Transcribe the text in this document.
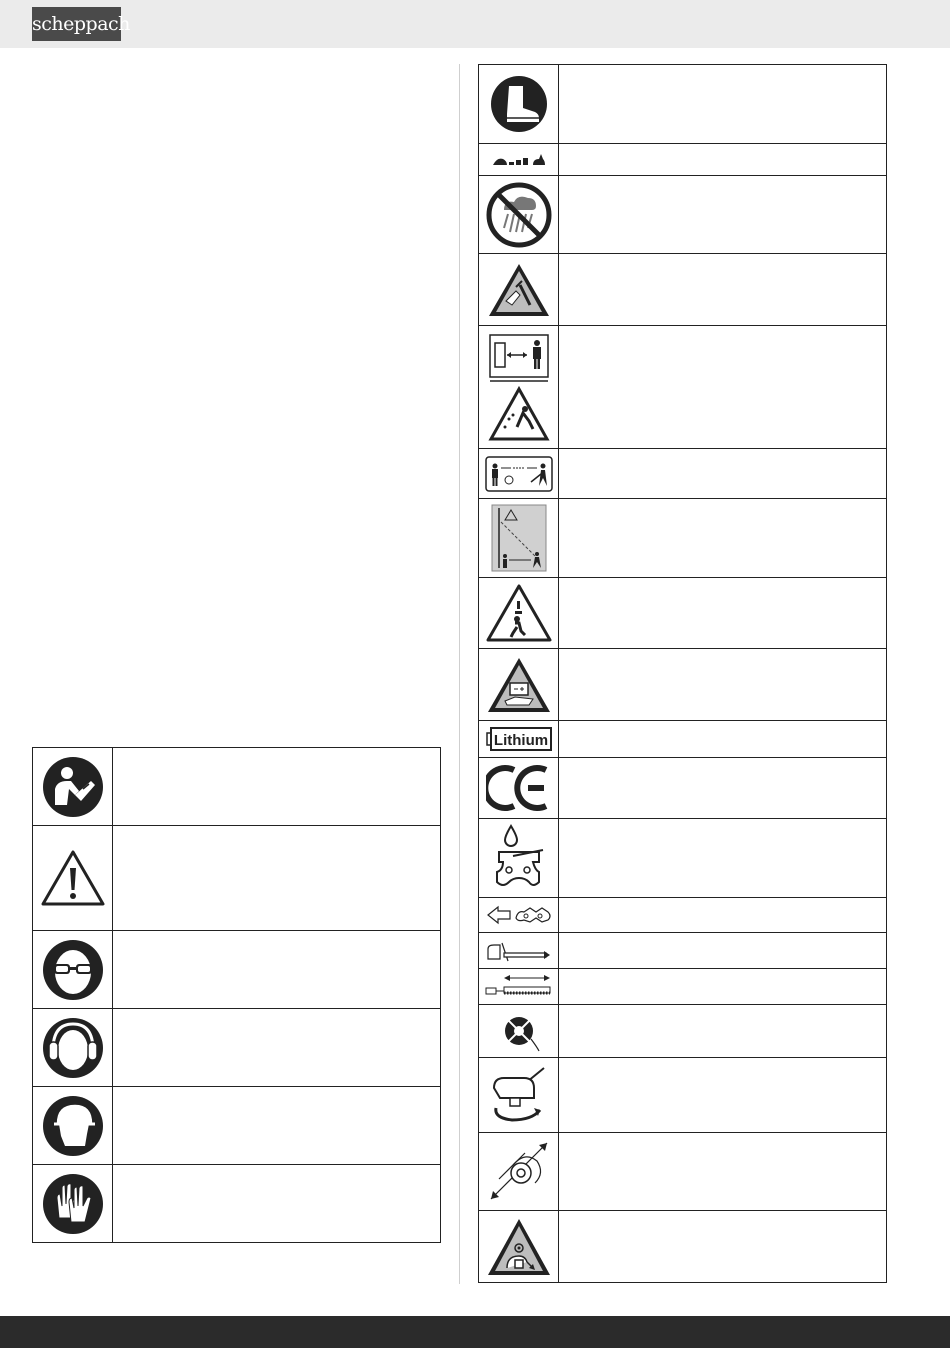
scheppach

Lithium	
